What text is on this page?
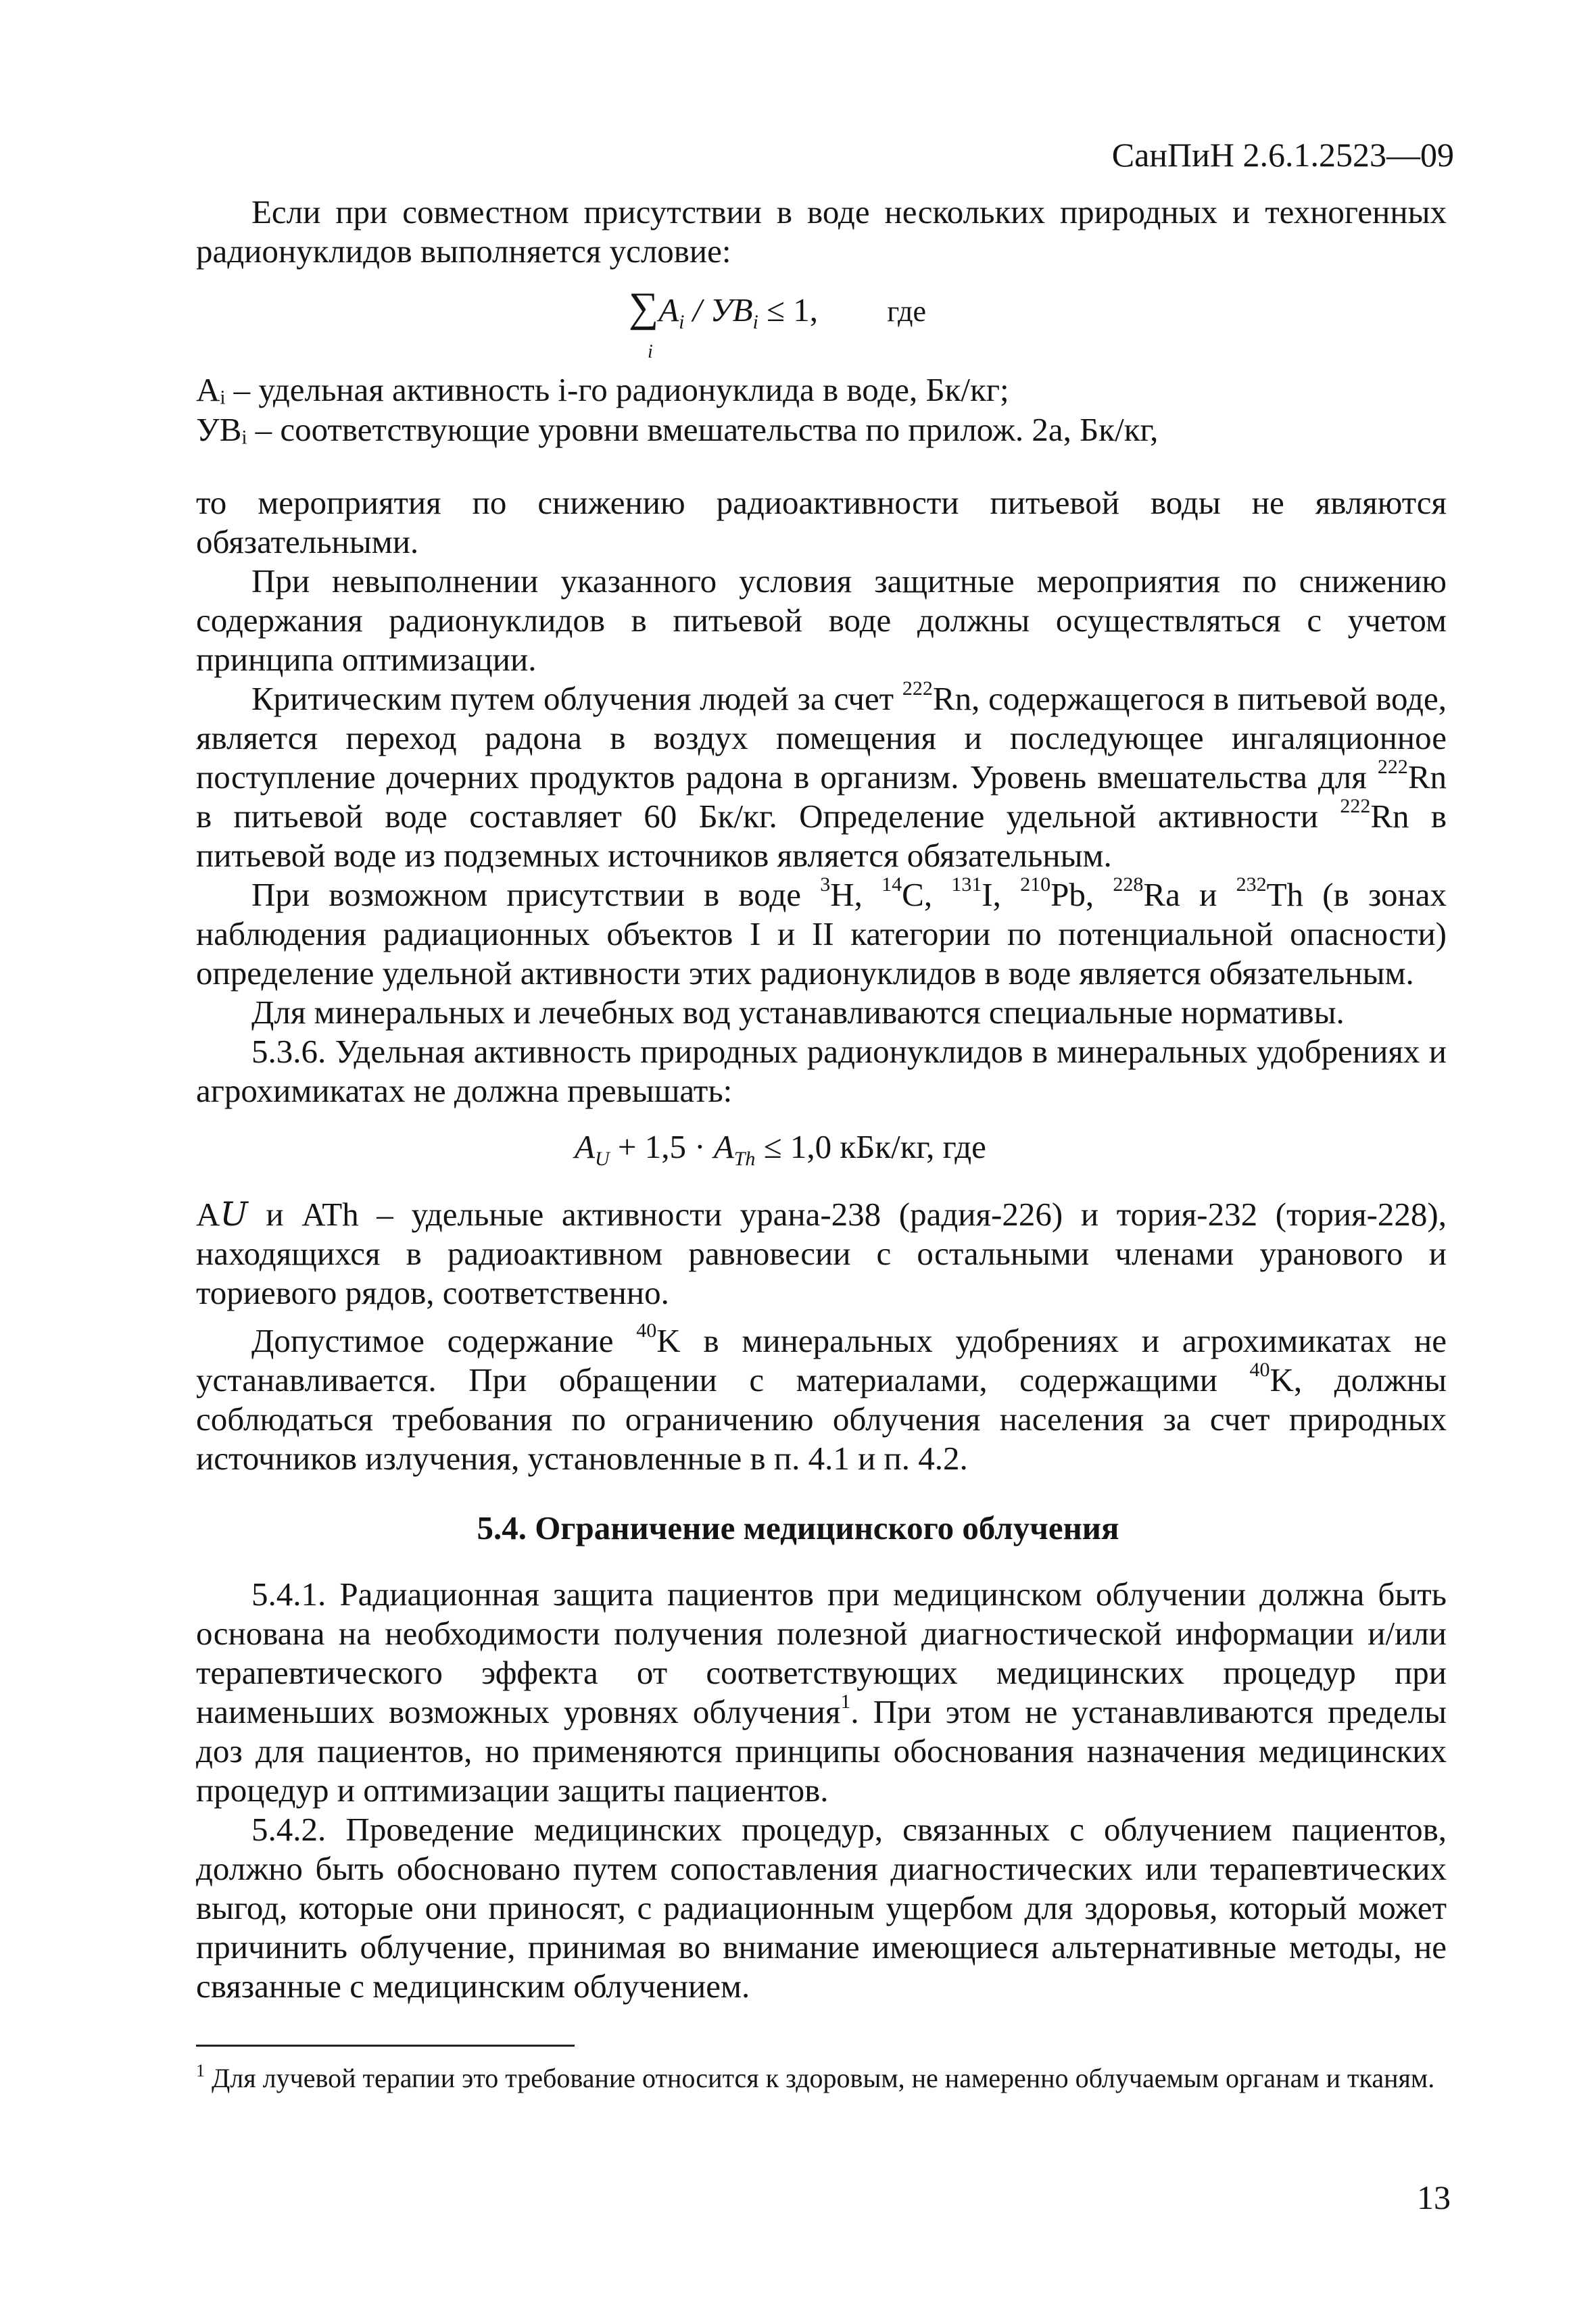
СанПиН 2.6.1.2523—09

Если при совместном присутствии в воде нескольких природных и техногенных радионуклидов выполняется условие:

$\sum A_i / УВ_i \le 1$, где
i
Aᵢ – удельная активность i-го радионуклида в воде, Бк/кг;
УВᵢ – соответствующие уровни вмешательства по прилож. 2а, Бк/кг,

то мероприятия по снижению радиоактивности питьевой воды не являются обязательными.

При невыполнении указанного условия защитные мероприятия по снижению содержания радионуклидов в питьевой воде должны осуществляться с учетом принципа оптимизации.

Критическим путем облучения людей за счет $^{222}$Rn, содержащегося в питьевой воде, является переход радона в воздух помещения и последующее ингаляционное поступление дочерних продуктов радона в организм. Уровень вмешательства для $^{222}$Rn в питьевой воде составляет 60 Бк/кг. Определение удельной активности $^{222}$Rn в питьевой воде из подземных источников является обязательным.

При возможном присутствии в воде $^3$H, $^{14}$C, $^{131}$I, $^{210}$Pb, $^{228}$Ra и $^{232}$Th (в зонах наблюдения радиационных объектов I и II категории по потенциальной опасности) определение удельной активности этих радионуклидов в воде является обязательным.

Для минеральных и лечебных вод устанавливаются специальные нормативы.

5.3.6. Удельная активность природных радионуклидов в минеральных удобрениях и агрохимикатах не должна превышать:

$A_U + 1,5 \cdot A_{Th} \le 1,0$ кБк/кг, где

A𝑈 и ATh – удельные активности урана-238 (радия-226) и тория-232 (тория-228), находящихся в радиоактивном равновесии с остальными членами уранового и ториевого рядов, соответственно.

Допустимое содержание $^{40}$K в минеральных удобрениях и агрохимикатах не устанавливается. При обращении с материалами, содержащими $^{40}$K, должны соблюдаться требования по ограничению облучения населения за счет природных источников излучения, установленные в п. 4.1 и п. 4.2.

5.4. Ограничение медицинского облучения

5.4.1. Радиационная защита пациентов при медицинском облучении должна быть основана на необходимости получения полезной диагностической информации и/или терапевтического эффекта от соответствующих медицинских процедур при наименьших возможных уровнях облучения$^1$. При этом не устанавливаются пределы доз для пациентов, но применяются принципы обоснования назначения медицинских процедур и оптимизации защиты пациентов.

5.4.2. Проведение медицинских процедур, связанных с облучением пациентов, должно быть обосновано путем сопоставления диагностических или терапевтических выгод, которые они приносят, с радиационным ущербом для здоровья, который может причинить облучение, принимая во внимание имеющиеся альтернативные методы, не связанные с медицинским облучением.

$^1$ Для лучевой терапии это требование относится к здоровым, не намеренно облучаемым органам и тканям.
13
